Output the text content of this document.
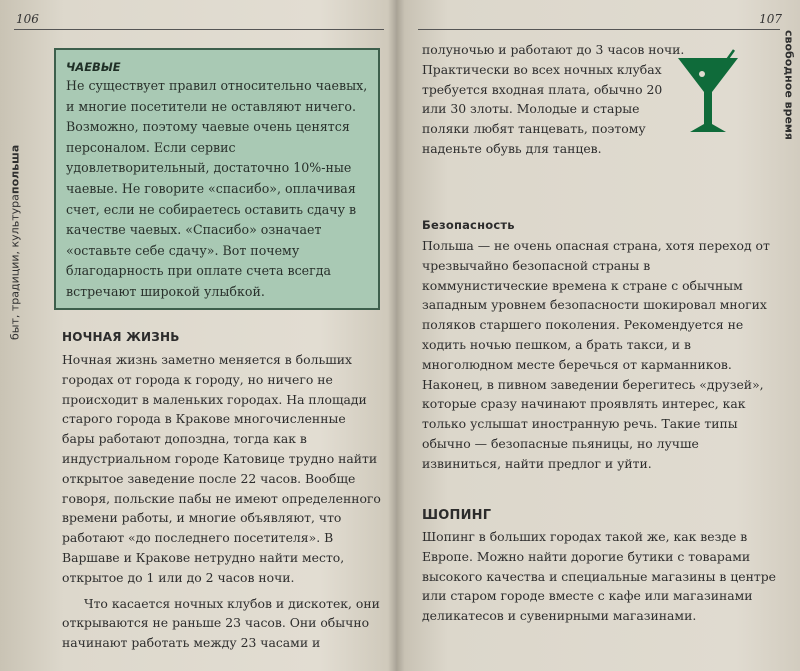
106
быт, традиции, культура
польша
ЧАЕВЫЕ
Не существует правил относительно чаевых, и многие посетители не оставляют ничего. Возможно, поэтому чаевые очень ценятся персоналом. Если сервис удовлетворительный, достаточно 10%-ные чаевые. Не говорите «спасибо», оплачивая счет, если не собираетесь оставить сдачу в качестве чаевых. «Спасибо» означает «оставьте себе сдачу». Вот почему благодарность при оплате счета всегда встречают широкой улыбкой.
НОЧНАЯ ЖИЗНЬ

Ночная жизнь заметно меняется в больших городах от города к городу, но ничего не происходит в маленьких городах. На площади старого города в Кракове многочисленные бары работают допоздна, тогда как в индустриальном городе Катовице трудно найти открытое заведение после 22 часов. Вообще говоря, польские пабы не имеют определенного времени работы, и многие объявляют, что работают «до последнего посетителя». В Варшаве и Кракове нетрудно найти место, открытое до 1 или до 2 часов ночи.

Что касается ночных клубов и дискотек, они открываются не раньше 23 часов. Они обычно начинают работать между 23 часами и

107
свободное время

полуночью и работают до 3 часов ночи. Практически во всех ночных клубах требуется входная плата, обычно 20 или 30 злоты. Молодые и старые поляки любят танцевать, поэтому наденьте обувь для танцев.

Безопасность

Польша — не очень опасная страна, хотя переход от чрезвычайно безопасной страны в коммунистические времена к стране с обычным западным уровнем безопасности шокировал многих поляков старшего поколения. Рекомендуется не ходить ночью пешком, а брать такси, и в многолюдном месте беречься от карманников. Наконец, в пивном заведении берегитесь «друзей», которые сразу начинают проявлять интерес, как только услышат иностранную речь. Такие типы обычно — безопасные пьяницы, но лучше извиниться, найти предлог и уйти.

ШОПИНГ

Шопинг в больших городах такой же, как везде в Европе. Можно найти дорогие бутики с товарами высокого качества и специальные магазины в центре или старом городе вместе с кафе или магазинами деликатесов и сувенирными магазинами.
